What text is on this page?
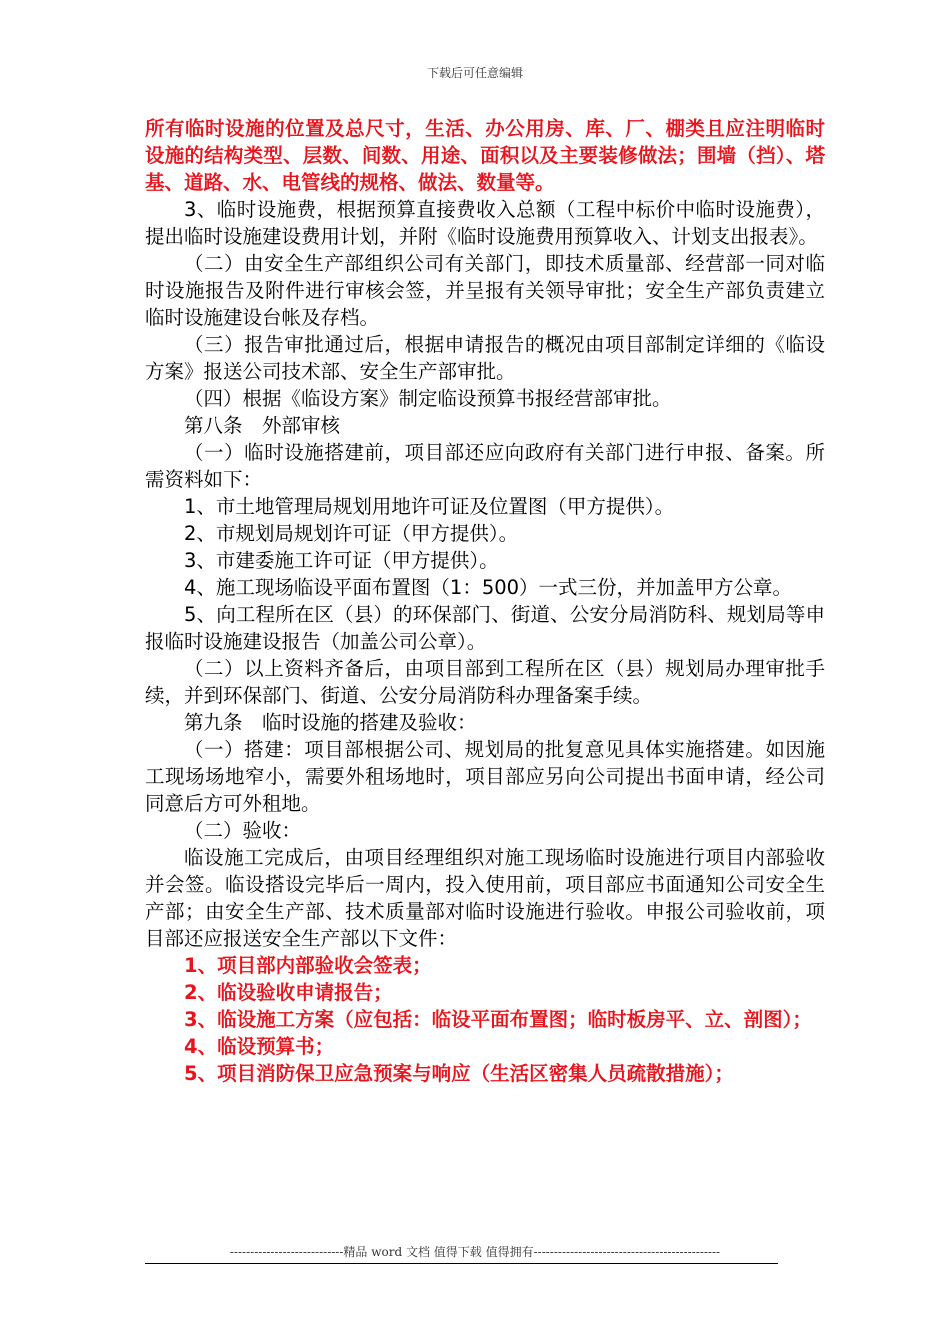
下载后可任意编辑

所有临时设施的位置及总尺寸，生活、办公用房、库、厂、棚类且应注明临时设施的结构类型、层数、间数、用途、面积以及主要装修做法；围墙（挡）、塔基、道路、水、电管线的规格、做法、数量等。

3、临时设施费，根据预算直接费收入总额（工程中标价中临时设施费），提出临时设施建设费用计划，并附《临时设施费用预算收入、计划支出报表》。

（二）由安全生产部组织公司有关部门，即技术质量部、经营部一同对临时设施报告及附件进行审核会签，并呈报有关领导审批；安全生产部负责建立临时设施建设台帐及存档。

（三）报告审批通过后，根据申请报告的概况由项目部制定详细的《临设方案》报送公司技术部、安全生产部审批。

（四）根据《临设方案》制定临设预算书报经营部审批。

第八条　外部审核

（一）临时设施搭建前，项目部还应向政府有关部门进行申报、备案。所需资料如下：

1、市土地管理局规划用地许可证及位置图（甲方提供）。

2、市规划局规划许可证（甲方提供）。

3、市建委施工许可证（甲方提供）。

4、施工现场临设平面布置图（1：500）一式三份，并加盖甲方公章。

5、向工程所在区（县）的环保部门、街道、公安分局消防科、规划局等申报临时设施建设报告（加盖公司公章）。

（二）以上资料齐备后，由项目部到工程所在区（县）规划局办理审批手续，并到环保部门、街道、公安分局消防科办理备案手续。

第九条　临时设施的搭建及验收：

（一）搭建：项目部根据公司、规划局的批复意见具体实施搭建。如因施工现场场地窄小，需要外租场地时，项目部应另向公司提出书面申请，经公司同意后方可外租地。

（二）验收：

临设施工完成后，由项目经理组织对施工现场临时设施进行项目内部验收并会签。临设搭设完毕后一周内，投入使用前，项目部应书面通知公司安全生产部；由安全生产部、技术质量部对临时设施进行验收。申报公司验收前，项目部还应报送安全生产部以下文件：

1、项目部内部验收会签表；

2、临设验收申请报告；

3、临设施工方案（应包括：临设平面布置图；临时板房平、立、剖图）；

4、临设预算书；

5、项目消防保卫应急预案与响应（生活区密集人员疏散措施）；

----------------------------精品 word 文档 值得下载 值得拥有----------------------------------------------
